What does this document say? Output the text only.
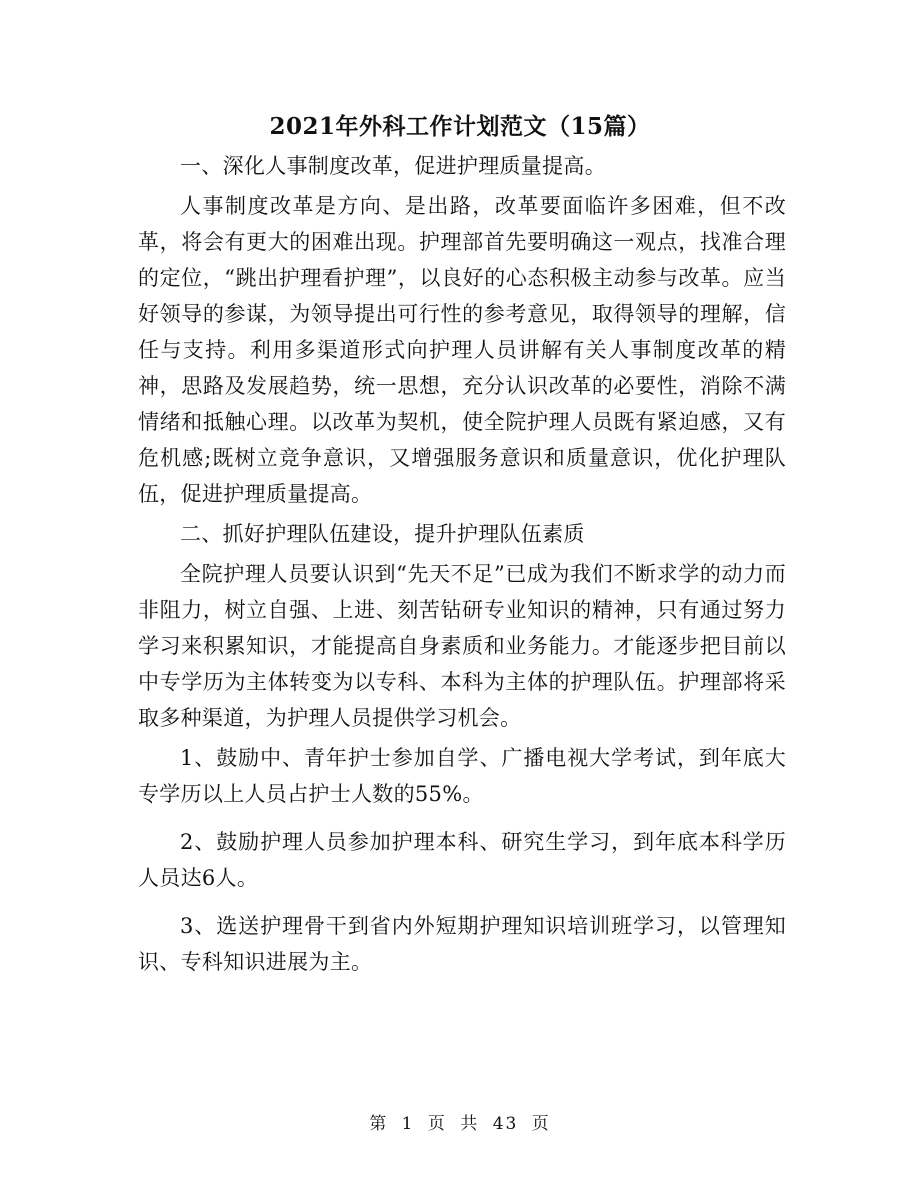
2021年外科工作计划范文（15篇）

一、深化人事制度改革，促进护理质量提高。

人事制度改革是方向、是出路，改革要面临许多困难，但不改革，将会有更大的困难出现。护理部首先要明确这一观点，找准合理的定位，“跳出护理看护理”，以良好的心态积极主动参与改革。应当好领导的参谋，为领导提出可行性的参考意见，取得领导的理解，信任与支持。利用多渠道形式向护理人员讲解有关人事制度改革的精神，思路及发展趋势，统一思想，充分认识改革的必要性，消除不满情绪和抵触心理。以改革为契机，使全院护理人员既有紧迫感，又有危机感;既树立竞争意识，又增强服务意识和质量意识，优化护理队伍，促进护理质量提高。

二、抓好护理队伍建设，提升护理队伍素质

全院护理人员要认识到“先天不足”已成为我们不断求学的动力而非阻力，树立自强、上进、刻苦钻研专业知识的精神，只有通过努力学习来积累知识，才能提高自身素质和业务能力。才能逐步把目前以中专学历为主体转变为以专科、本科为主体的护理队伍。护理部将采取多种渠道，为护理人员提供学习机会。

1、鼓励中、青年护士参加自学、广播电视大学考试，到年底大专学历以上人员占护士人数的55%。

2、鼓励护理人员参加护理本科、研究生学习，到年底本科学历人员达6人。

3、选送护理骨干到省内外短期护理知识培训班学习，以管理知识、专科知识进展为主。

第 1 页 共 43 页
